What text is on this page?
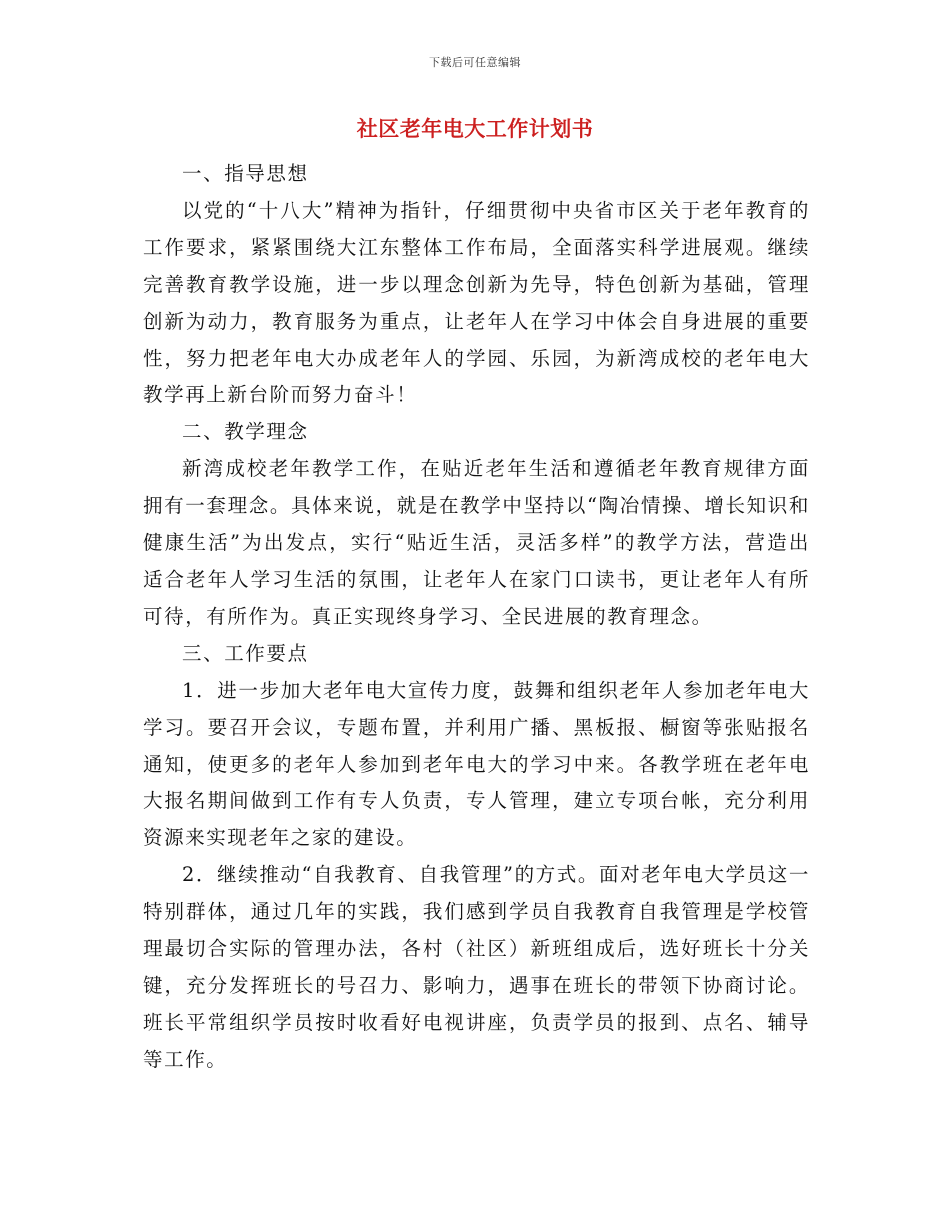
下载后可任意编辑
社区老年电大工作计划书

一、指导思想

以党的“十八大”精神为指针，仔细贯彻中央省市区关于老年教育的工作要求，紧紧围绕大江东整体工作布局，全面落实科学进展观。继续完善教育教学设施，进一步以理念创新为先导，特色创新为基础，管理创新为动力，教育服务为重点，让老年人在学习中体会自身进展的重要性，努力把老年电大办成老年人的学园、乐园，为新湾成校的老年电大教学再上新台阶而努力奋斗！

二、教学理念

新湾成校老年教学工作，在贴近老年生活和遵循老年教育规律方面拥有一套理念。具体来说，就是在教学中坚持以“陶冶情操、增长知识和健康生活”为出发点，实行“贴近生活，灵活多样”的教学方法，营造出适合老年人学习生活的氛围，让老年人在家门口读书，更让老年人有所可待，有所作为。真正实现终身学习、全民进展的教育理念。

三、工作要点

1．进一步加大老年电大宣传力度，鼓舞和组织老年人参加老年电大学习。要召开会议，专题布置，并利用广播、黑板报、橱窗等张贴报名通知，使更多的老年人参加到老年电大的学习中来。各教学班在老年电大报名期间做到工作有专人负责，专人管理，建立专项台帐，充分利用资源来实现老年之家的建设。

2．继续推动“自我教育、自我管理”的方式。面对老年电大学员这一特别群体，通过几年的实践，我们感到学员自我教育自我管理是学校管理最切合实际的管理办法，各村（社区）新班组成后，选好班长十分关键，充分发挥班长的号召力、影响力，遇事在班长的带领下协商讨论。班长平常组织学员按时收看好电视讲座，负责学员的报到、点名、辅导等工作。
